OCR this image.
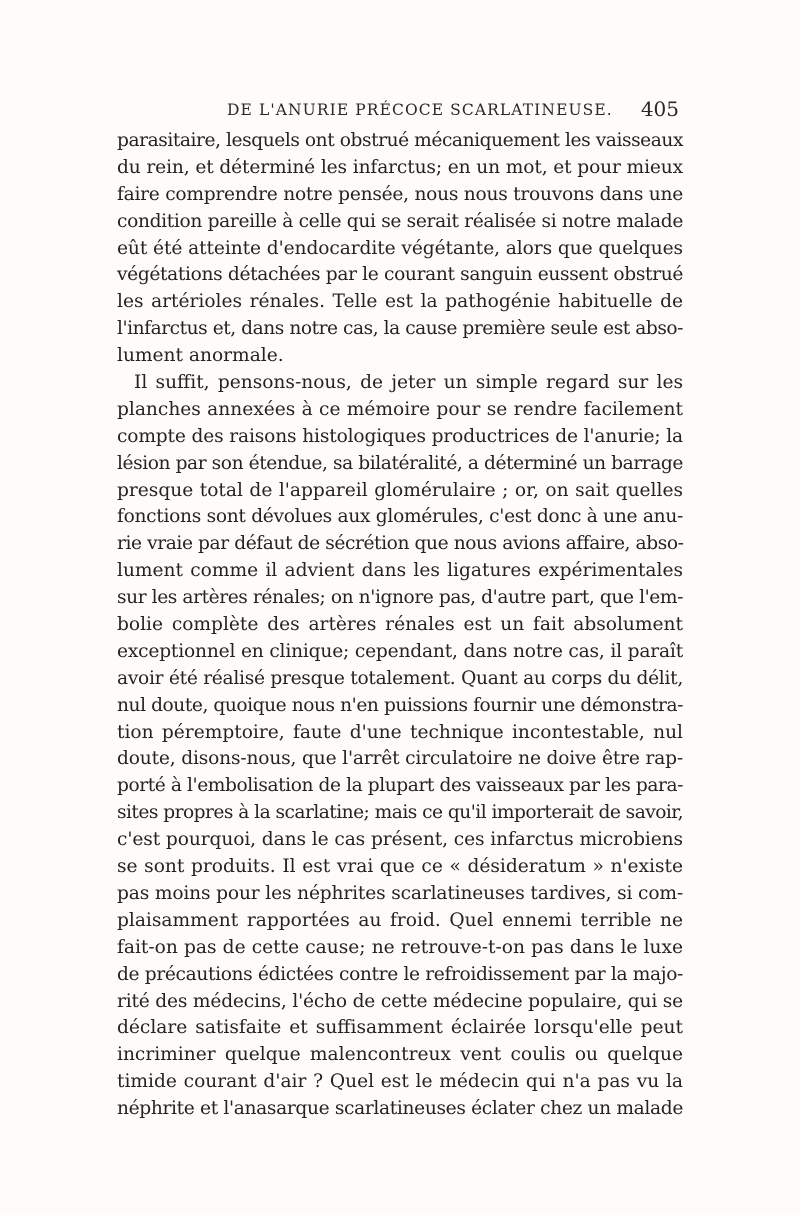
DE L'ANURIE PRÉCOCE SCARLATINEUSE. 405
parasitaire, lesquels ont obstrué mécaniquement les vaisseaux
du rein, et déterminé les infarctus; en un mot, et pour mieux
faire comprendre notre pensée, nous nous trouvons dans une
condition pareille à celle qui se serait réalisée si notre malade
eût été atteinte d'endocardite végétante, alors que quelques
végétations détachées par le courant sanguin eussent obstrué
les artérioles rénales. Telle est la pathogénie habituelle de
l'infarctus et, dans notre cas, la cause première seule est abso-
lument anormale.
Il suffit, pensons-nous, de jeter un simple regard sur les
planches annexées à ce mémoire pour se rendre facilement
compte des raisons histologiques productrices de l'anurie; la
lésion par son étendue, sa bilatéralité, a déterminé un barrage
presque total de l'appareil glomérulaire ; or, on sait quelles
fonctions sont dévolues aux glomérules, c'est donc à une anu-
rie vraie par défaut de sécrétion que nous avions affaire, abso-
lument comme il advient dans les ligatures expérimentales
sur les artères rénales; on n'ignore pas, d'autre part, que l'em-
bolie complète des artères rénales est un fait absolument
exceptionnel en clinique; cependant, dans notre cas, il paraît
avoir été réalisé presque totalement. Quant au corps du délit,
nul doute, quoique nous n'en puissions fournir une démonstra-
tion péremptoire, faute d'une technique incontestable, nul
doute, disons-nous, que l'arrêt circulatoire ne doive être rap-
porté à l'embolisation de la plupart des vaisseaux par les para-
sites propres à la scarlatine; mais ce qu'il importerait de savoir,
c'est pourquoi, dans le cas présent, ces infarctus microbiens
se sont produits. Il est vrai que ce « désideratum » n'existe
pas moins pour les néphrites scarlatineuses tardives, si com-
plaisamment rapportées au froid. Quel ennemi terrible ne
fait-on pas de cette cause; ne retrouve-t-on pas dans le luxe
de précautions édictées contre le refroidissement par la majo-
rité des médecins, l'écho de cette médecine populaire, qui se
déclare satisfaite et suffisamment éclairée lorsqu'elle peut
incriminer quelque malencontreux vent coulis ou quelque
timide courant d'air ? Quel est le médecin qui n'a pas vu la
néphrite et l'anasarque scarlatineuses éclater chez un malade
